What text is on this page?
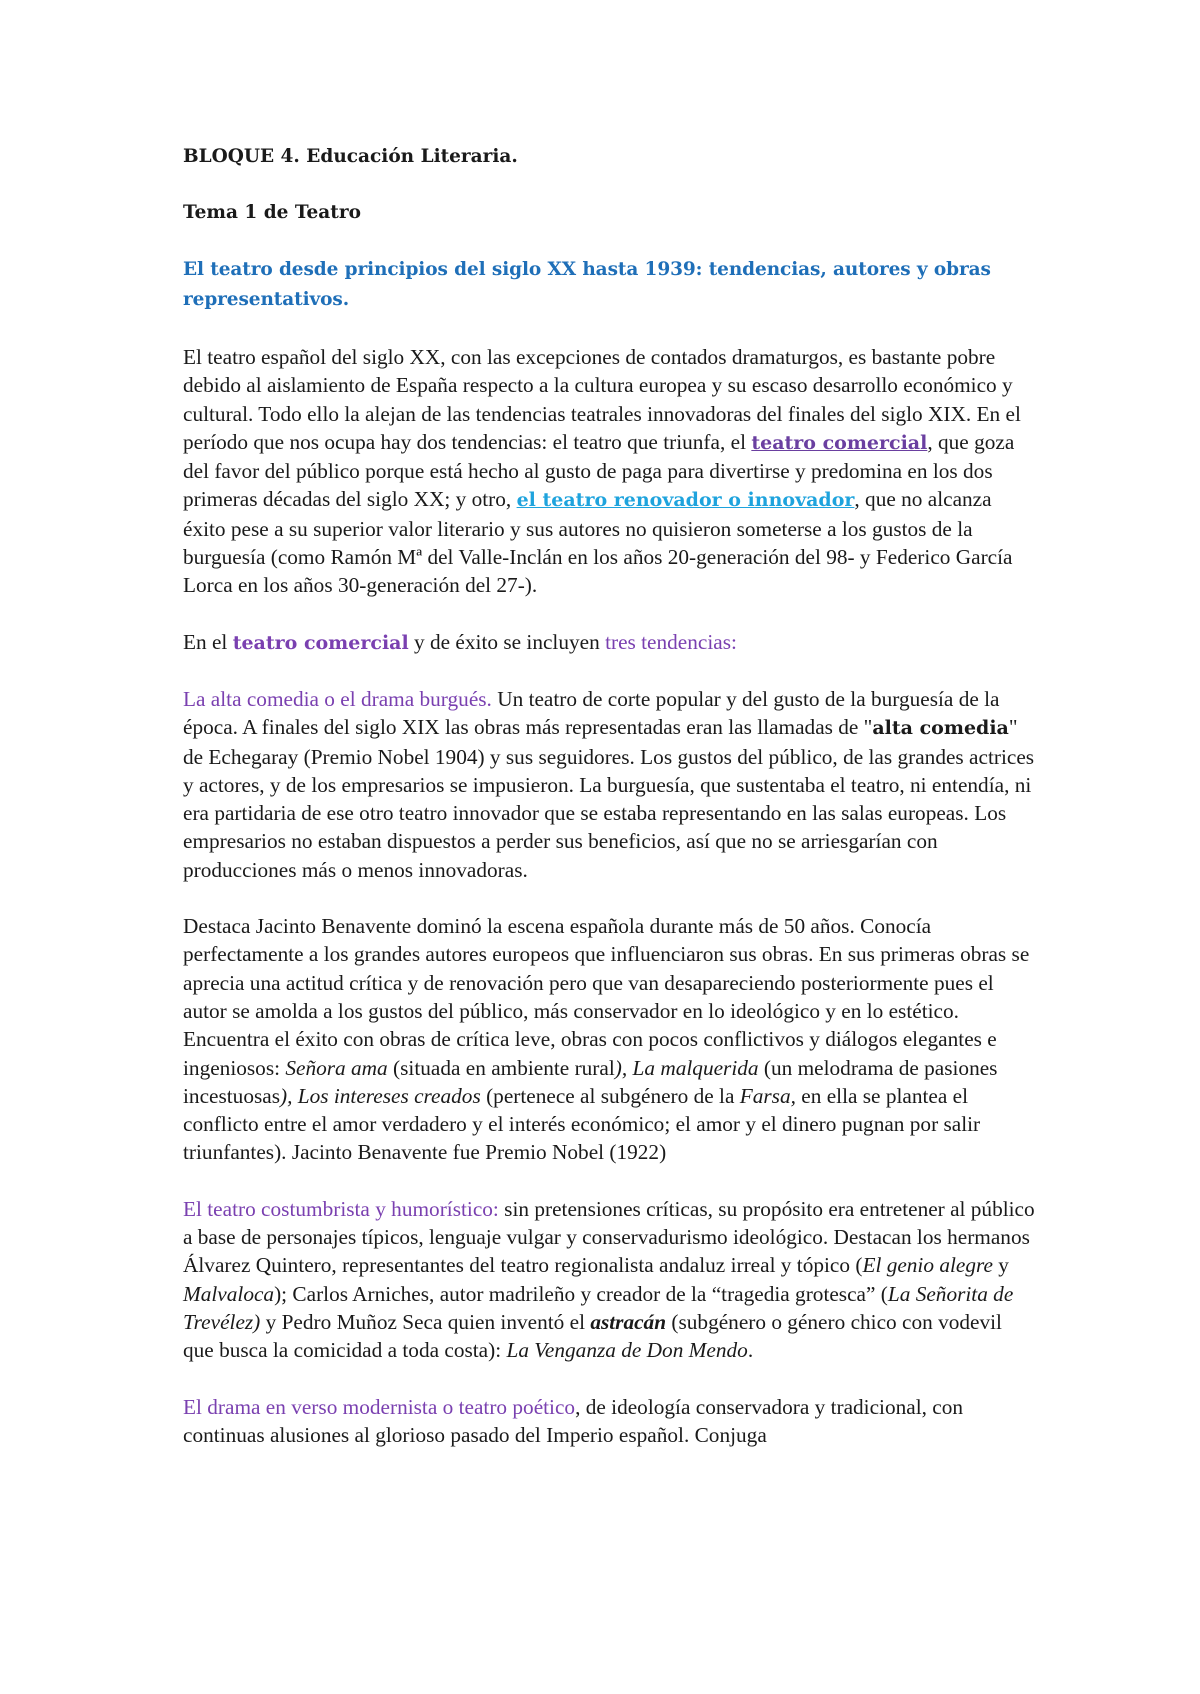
BLOQUE 4. Educación Literaria.

Tema 1 de Teatro

El teatro desde principios del siglo XX hasta 1939: tendencias, autores y obras representativos.

El teatro español del siglo XX, con las excepciones de contados dramaturgos, es bastante pobre debido al aislamiento de España respecto a la cultura europea y su escaso desarrollo económico y cultural. Todo ello la alejan de las tendencias teatrales innovadoras del finales del siglo XIX. En el período que nos ocupa hay dos tendencias: el teatro que triunfa, el teatro comercial, que goza del favor del público porque está hecho al gusto de paga para divertirse y predomina en los dos primeras décadas del siglo XX; y otro, el teatro renovador o innovador, que no alcanza éxito pese a su superior valor literario y sus autores no quisieron someterse a los gustos de la burguesía (como Ramón Mª del Valle-Inclán en los años 20-generación del 98- y Federico García Lorca en los años 30-generación del 27-).

En el teatro comercial y de éxito se incluyen tres tendencias:

La alta comedia o el drama burgués. Un teatro de corte popular y del gusto de la burguesía de la época. A finales del siglo XIX las obras más representadas eran las llamadas de "alta comedia" de Echegaray (Premio Nobel 1904) y sus seguidores. Los gustos del público, de las grandes actrices y actores, y de los empresarios se impusieron. La burguesía, que sustentaba el teatro, ni entendía, ni era partidaria de ese otro teatro innovador que se estaba representando en las salas europeas. Los empresarios no estaban dispuestos a perder sus beneficios, así que no se arriesgarían con producciones más o menos innovadoras.

Destaca Jacinto Benavente dominó la escena española durante más de 50 años. Conocía perfectamente a los grandes autores europeos que influenciaron sus obras. En sus primeras obras se aprecia una actitud crítica y de renovación pero que van desapareciendo posteriormente pues el autor se amolda a los gustos del público, más conservador en lo ideológico y en lo estético. Encuentra el éxito con obras de crítica leve, obras con pocos conflictivos y diálogos elegantes e ingeniosos: Señora ama (situada en ambiente rural), La malquerida (un melodrama de pasiones incestuosas), Los intereses creados (pertenece al subgénero de la Farsa, en ella se plantea el conflicto entre el amor verdadero y el interés económico; el amor y el dinero pugnan por salir triunfantes). Jacinto Benavente fue Premio Nobel (1922)

El teatro costumbrista y humorístico: sin pretensiones críticas, su propósito era entretener al público a base de personajes típicos, lenguaje vulgar y conservadurismo ideológico. Destacan los hermanos Álvarez Quintero, representantes del teatro regionalista andaluz irreal y tópico (El genio alegre y Malvaloca); Carlos Arniches, autor madrileño y creador de la “tragedia grotesca” (La Señorita de Trevélez) y Pedro Muñoz Seca quien inventó el astracán (subgénero o género chico con vodevil que busca la comicidad a toda costa): La Venganza de Don Mendo.

El drama en verso modernista o teatro poético, de ideología conservadora y tradicional, con continuas alusiones al glorioso pasado del Imperio español. Conjuga
